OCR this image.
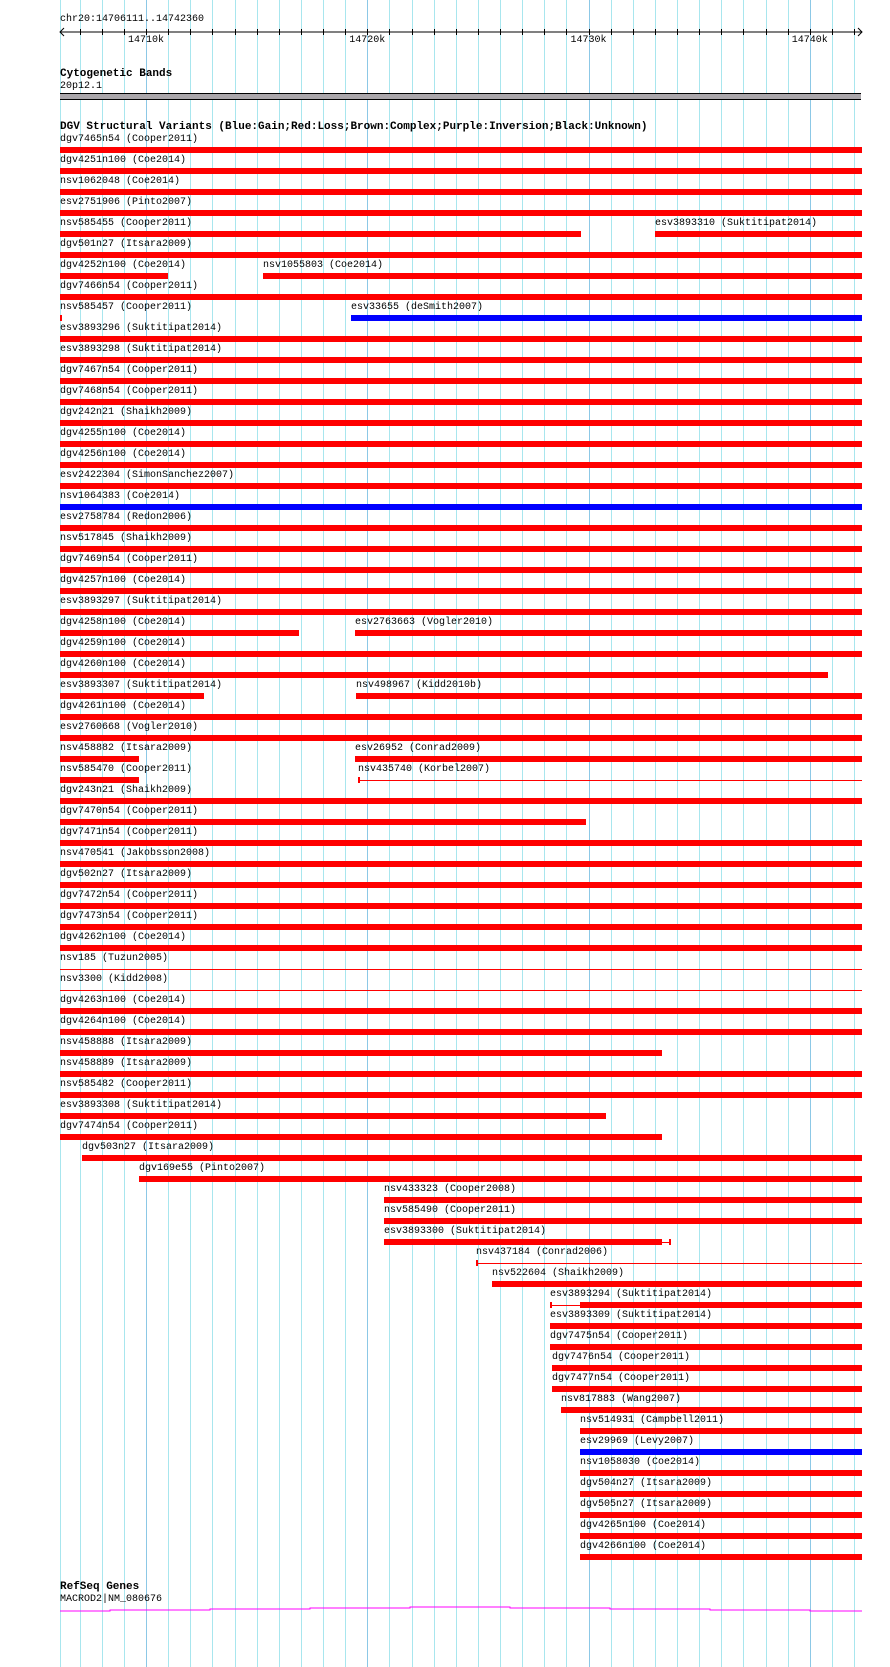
chr20:14706111..14742360
14710k	14720k	14730k	14740k
Cytogenetic Bands
20p12.1
DGV Structural Variants (Blue:Gain;Red:Loss;Brown:Complex;Purple:Inversion;Black:Unknown)
dgv7465n54 (Cooper2011)
dgv4251n100 (Coe2014)
nsv1062048 (Coe2014)
esv2751906 (Pinto2007)
nsv585455 (Cooper2011)	esv3893310 (Suktitipat2014)
dgv501n27 (Itsara2009)
dgv4252n100 (Coe2014)	nsv1055803 (Coe2014)
dgv7466n54 (Cooper2011)
nsv585457 (Cooper2011)	esv33655 (deSmith2007)
esv3893296 (Suktitipat2014)
esv3893298 (Suktitipat2014)
dgv7467n54 (Cooper2011)
dgv7468n54 (Cooper2011)
dgv242n21 (Shaikh2009)
dgv4255n100 (Coe2014)
dgv4256n100 (Coe2014)
esv2422304 (SimonSanchez2007)
nsv1064383 (Coe2014)
esv2758784 (Redon2006)
nsv517845 (Shaikh2009)
dgv7469n54 (Cooper2011)
dgv4257n100 (Coe2014)
esv3893297 (Suktitipat2014)
dgv4258n100 (Coe2014)	esv2763663 (Vogler2010)
dgv4259n100 (Coe2014)
dgv4260n100 (Coe2014)
esv3893307 (Suktitipat2014)	nsv498967 (Kidd2010b)
dgv4261n100 (Coe2014)
esv2760668 (Vogler2010)
nsv458882 (Itsara2009)	esv26952 (Conrad2009)
nsv585470 (Cooper2011)	nsv435740 (Korbel2007)
dgv243n21 (Shaikh2009)
dgv7470n54 (Cooper2011)
dgv7471n54 (Cooper2011)
nsv470541 (Jakobsson2008)
dgv502n27 (Itsara2009)
dgv7472n54 (Cooper2011)
dgv7473n54 (Cooper2011)
dgv4262n100 (Coe2014)
nsv185 (Tuzun2005)
nsv3300 (Kidd2008)
dgv4263n100 (Coe2014)
dgv4264n100 (Coe2014)
nsv458888 (Itsara2009)
nsv458889 (Itsara2009)
nsv585482 (Cooper2011)
esv3893308 (Suktitipat2014)
dgv7474n54 (Cooper2011)
dgv503n27 (Itsara2009)
dgv169e55 (Pinto2007)
nsv433323 (Cooper2008)
nsv585490 (Cooper2011)
esv3893300 (Suktitipat2014)
nsv437184 (Conrad2006)
nsv522604 (Shaikh2009)
esv3893294 (Suktitipat2014)
esv3893309 (Suktitipat2014)
dgv7475n54 (Cooper2011)
dgv7476n54 (Cooper2011)
dgv7477n54 (Cooper2011)
nsv817883 (Wang2007)
nsv514931 (Campbell2011)
esv29969 (Levy2007)
nsv1058030 (Coe2014)
dgv504n27 (Itsara2009)
dgv505n27 (Itsara2009)
dgv4265n100 (Coe2014)
dgv4266n100 (Coe2014)
RefSeq Genes
MACROD2|NM_080676
